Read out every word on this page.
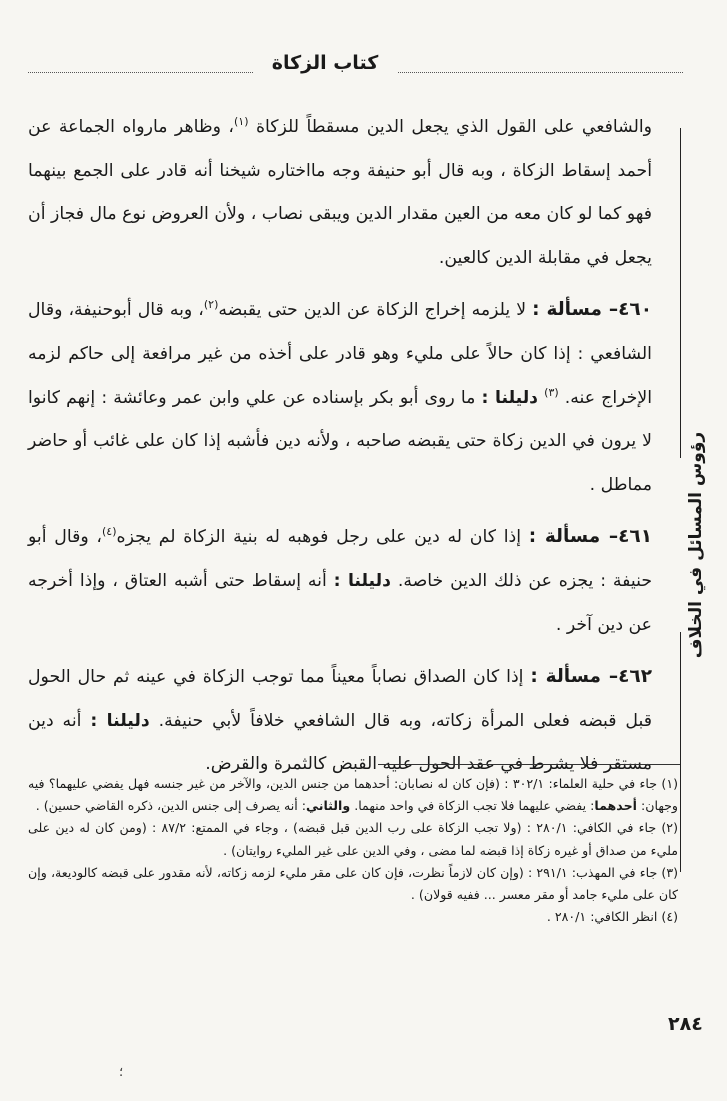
كتاب الزكاة
رؤوس المسائل في الخلاف

والشافعي على القول الذي يجعل الدين مسقطاً للزكاة $^{(١)}$، وظاهر مارواه الجماعة عن أحمد إسقاط الزكاة ، وبه قال أبو حنيفة وجه مااختاره شيخنا أنه قادر على الجمع بينهما فهو كما لو كان معه من العين مقدار الدين ويبقى نصاب ، ولأن العروض نوع مال فجاز أن يجعل في مقابلة الدين كالعين.

٤٦٠– مسألة : لا يلزمه إخراج الزكاة عن الدين حتى يقبضه$^{(٢)}$، وبه قال أبوحنيفة، وقال الشافعي : إذا كان حالاً على مليء وهو قادر على أخذه من غير مرافعة إلى حاكم لزمه الإخراج عنه. $^{(٣)}$ دليلنا : ما روى أبو بكر بإسناده عن علي وابن عمر وعائشة : إنهم كانوا لا يرون في الدين زكاة حتى يقبضه صاحبه ، ولأنه دين فأشبه إذا كان على غائب أو حاضر مماطل .

٤٦١– مسألة : إذا كان له دين على رجل فوهبه له بنية الزكاة لم يجزه$^{(٤)}$، وقال أبو حنيفة : يجزه عن ذلك الدين خاصة. دليلنا : أنه إسقاط حتى أشبه العتاق ، وإذا أخرجه عن دين آخر .

٤٦٢– مسألة : إذا كان الصداق نصاباً معيناً مما توجب الزكاة في عينه ثم حال الحول قبل قبضه فعلى المرأة زكاته، وبه قال الشافعي خلافاً لأبي حنيفة. دليلنا : أنه دين مستقر فلا يشرط في عقد الحول عليه القبض كالثمرة والقرض.

(١) جاء في حلية العلماء: ٣٠٢/١ : (فإن كان له نصابان: أحدهما من جنس الدين، والآخر من غير جنسه فهل يفضي عليهما؟ فيه وجهان: أحدهما: يفضي عليهما فلا تجب الزكاة في واحد منهما. والثاني: أنه يصرف إلى جنس الدين، ذكره القاضي حسين) .

(٢) جاء في الكافي: ٢٨٠/١ : (ولا تجب الزكاة على رب الدين قبل قبضه) ، وجاء في الممتع: ٨٧/٢ : (ومن كان له دين على مليء من صداق أو غيره زكاة إذا قبضه لما مضى ، وفي الدين على غير المليء روايتان) .

(٣) جاء في المهذب: ٢٩١/١ : (وإن كان لازماً نظرت، فإن كان على مقر مليء لزمه زكاته، لأنه مقدور على قبضه كالوديعة، وإن كان على مليء جامد أو مقر معسر ... ففيه قولان) .

(٤) انظر الكافي: ٢٨٠/١ .

٢٨٤
؛
